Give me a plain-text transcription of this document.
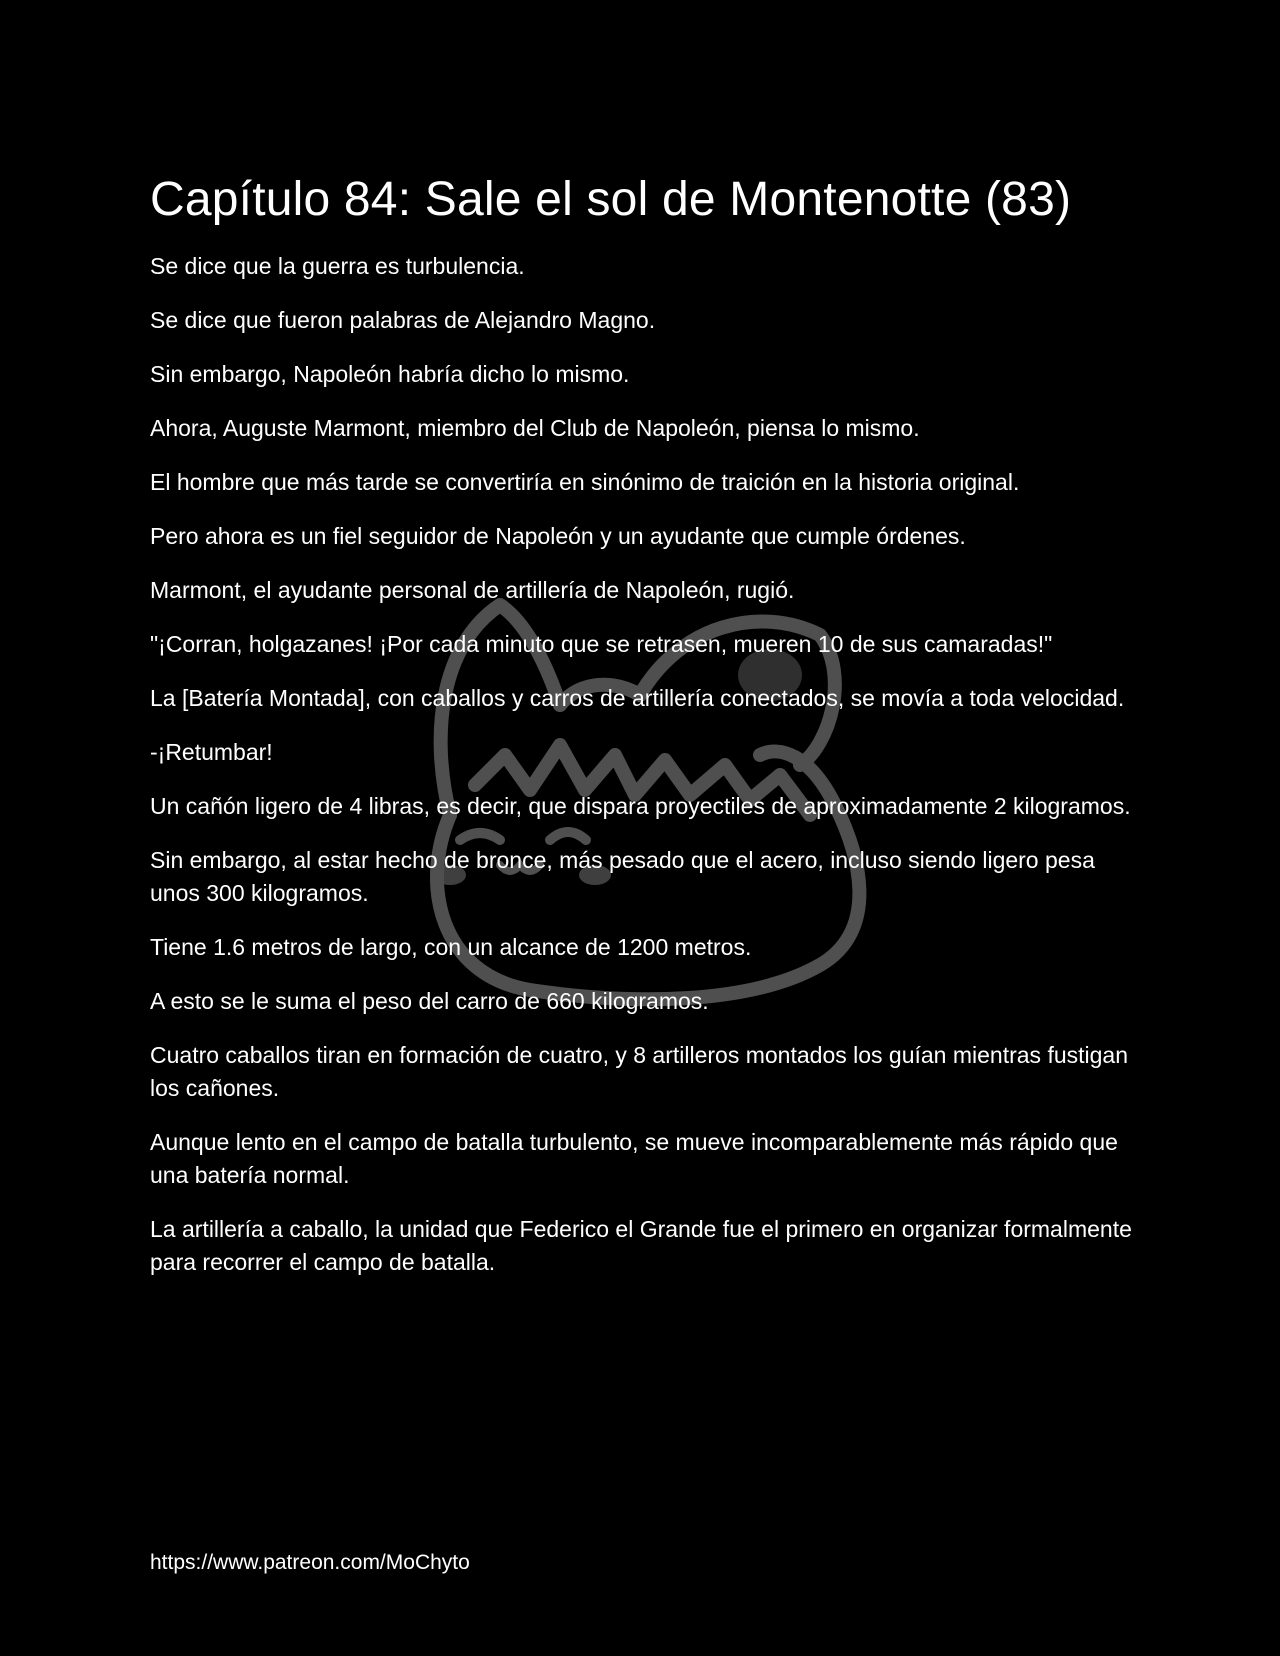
Capítulo 84: Sale el sol de Montenotte (83)

Se dice que la guerra es turbulencia.

Se dice que fueron palabras de Alejandro Magno.

Sin embargo, Napoleón habría dicho lo mismo.

Ahora, Auguste Marmont, miembro del Club de Napoleón, piensa lo mismo.

El hombre que más tarde se convertiría en sinónimo de traición en la historia original.

Pero ahora es un fiel seguidor de Napoleón y un ayudante que cumple órdenes.

Marmont, el ayudante personal de artillería de Napoleón, rugió.

"¡Corran, holgazanes! ¡Por cada minuto que se retrasen, mueren 10 de sus camaradas!"

La [Batería Montada], con caballos y carros de artillería conectados, se movía a toda velocidad.

-¡Retumbar!

Un cañón ligero de 4 libras, es decir, que dispara proyectiles de aproximadamente 2 kilogramos.

Sin embargo, al estar hecho de bronce, más pesado que el acero, incluso siendo ligero pesa unos 300 kilogramos.

Tiene 1.6 metros de largo, con un alcance de 1200 metros.

A esto se le suma el peso del carro de 660 kilogramos.

Cuatro caballos tiran en formación de cuatro, y 8 artilleros montados los guían mientras fustigan los cañones.

Aunque lento en el campo de batalla turbulento, se mueve incomparablemente más rápido que una batería normal.

La artillería a caballo, la unidad que Federico el Grande fue el primero en organizar formalmente para recorrer el campo de batalla.

https://www.patreon.com/MoChyto
